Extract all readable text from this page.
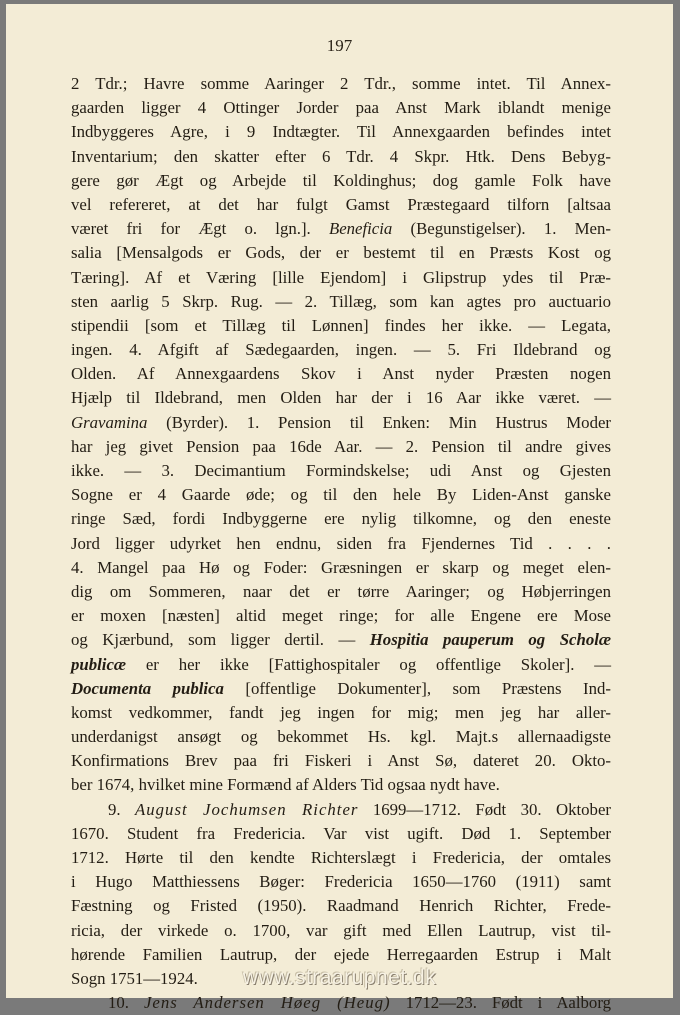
197
2 Tdr.; Havre somme Aaringer 2 Tdr., somme intet. Til Annex-
gaarden ligger 4 Ottinger Jorder paa Anst Mark iblandt menige
Indbyggeres Agre, i 9 Indtægter. Til Annexgaarden befindes intet
Inventarium; den skatter efter 6 Tdr. 4 Skpr. Htk. Dens Bebyg-
gere gør Ægt og Arbejde til Koldinghus; dog gamle Folk have
vel refereret, at det har fulgt Gamst Præstegaard tilforn [altsaa
været fri for Ægt o. lgn.]. Beneficia (Begunstigelser). 1. Men-
salia [Mensalgods er Gods, der er bestemt til en Præsts Kost og
Tæring]. Af et Væring [lille Ejendom] i Glipstrup ydes til Præ-
sten aarlig 5 Skrp. Rug. — 2. Tillæg, som kan agtes pro auctuario
stipendii [som et Tillæg til Lønnen] findes her ikke. — Legata,
ingen. 4. Afgift af Sædegaarden, ingen. — 5. Fri Ildebrand og
Olden. Af Annexgaardens Skov i Anst nyder Præsten nogen
Hjælp til Ildebrand, men Olden har der i 16 Aar ikke været. —
Gravamina (Byrder). 1. Pension til Enken: Min Hustrus Moder
har jeg givet Pension paa 16de Aar. — 2. Pension til andre gives
ikke. — 3. Decimantium Formindskelse; udi Anst og Gjesten
Sogne er 4 Gaarde øde; og til den hele By Liden-Anst ganske
ringe Sæd, fordi Indbyggerne ere nylig tilkomne, og den eneste
Jord ligger udyrket hen endnu, siden fra Fjendernes Tid . . . .
4. Mangel paa Hø og Foder: Græsningen er skarp og meget elen-
dig om Sommeren, naar det er tørre Aaringer; og Høbjerringen
er moxen [næsten] altid meget ringe; for alle Engene ere Mose
og Kjærbund, som ligger dertil. — Hospitia pauperum og Scholæ
publicæ er her ikke [Fattighospitaler og offentlige Skoler]. —
Documenta publica [offentlige Dokumenter], som Præstens Ind-
komst vedkommer, fandt jeg ingen for mig; men jeg har aller-
underdanigst ansøgt og bekommet Hs. kgl. Majt.s allernaadigste
Konfirmations Brev paa fri Fiskeri i Anst Sø, dateret 20. Okto-
ber 1674, hvilket mine Formænd af Alders Tid ogsaa nydt have.
9. August Jochumsen Richter 1699—1712. Født 30. Oktober
1670. Student fra Fredericia. Var vist ugift. Død 1. September
1712. Hørte til den kendte Richterslægt i Fredericia, der omtales
i Hugo Matthiessens Bøger: Fredericia 1650—1760 (1911) samt
Fæstning og Fristed (1950). Raadmand Henrich Richter, Frede-
ricia, der virkede o. 1700, var gift med Ellen Lautrup, vist til-
hørende Familien Lautrup, der ejede Herregaarden Estrup i Malt
Sogn 1751—1924.
10. Jens Andersen Høeg (Heug) 1712—23. Født i Aalborg
www.straarupnet.dk
